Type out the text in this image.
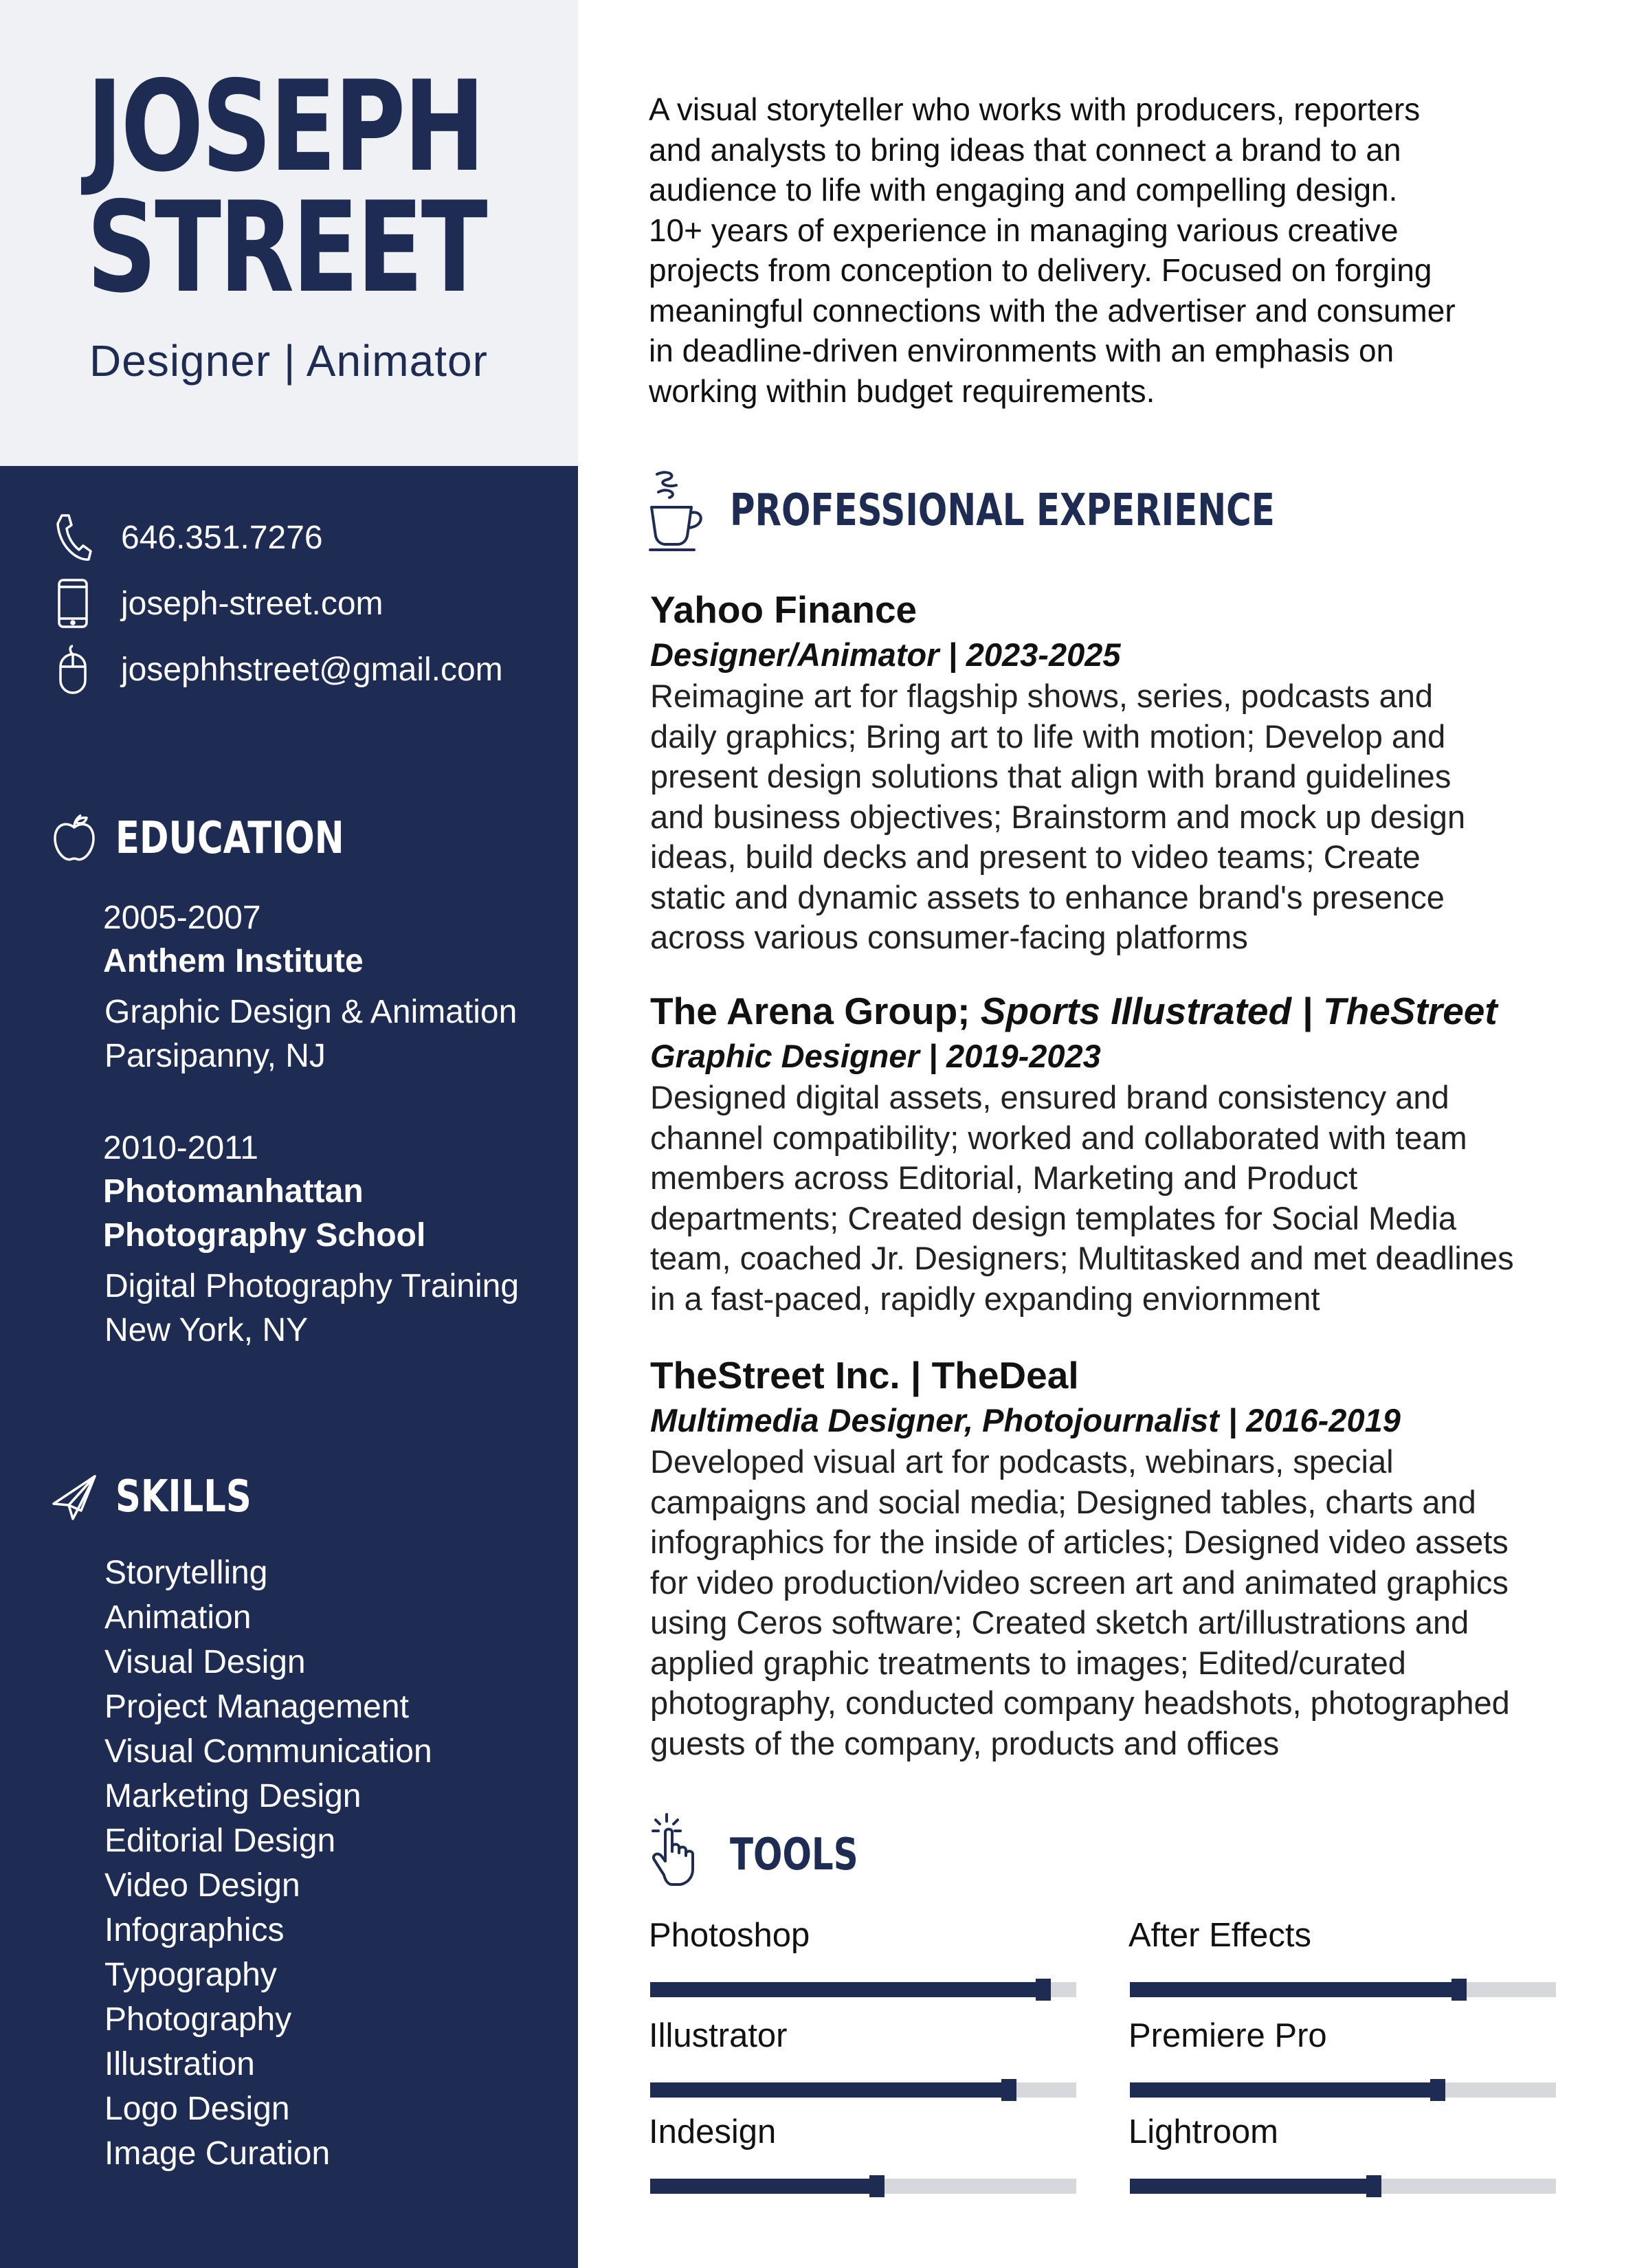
JOSEPH
STREET
Designer | Animator
646.351.7276
joseph-street.com
josephhstreet@gmail.com
EDUCATION
2005-2007
Anthem Institute
Graphic Design & Animation
Parsipanny, NJ
2010-2011
Photomanhattan
Photography School
Digital Photography Training
New York, NY
SKILLS
Storytelling
Animation
Visual Design
Project Management
Visual Communication
Marketing Design
Editorial Design
Video Design
Infographics
Typography
Photography
Illustration
Logo Design
Image Curation
A visual storyteller who works with producers, reporters
and analysts to bring ideas that connect a brand to an
audience to life with engaging and compelling design.
10+ years of experience in managing various creative
projects from conception to delivery. Focused on forging
meaningful connections with the advertiser and consumer
in deadline-driven environments with an emphasis on
working within budget requirements.
PROFESSIONAL EXPERIENCE
Yahoo Finance
Designer/Animator | 2023-2025
Reimagine art for flagship shows, series, podcasts and
daily graphics; Bring art to life with motion; Develop and
present design solutions that align with brand guidelines
and business objectives; Brainstorm and mock up design
ideas, build decks and present to video teams; Create
static and dynamic assets to enhance brand's presence
across various consumer-facing platforms
The Arena Group; Sports Illustrated | TheStreet
Graphic Designer | 2019-2023
Designed digital assets, ensured brand consistency and
channel compatibility; worked and collaborated with team
members across Editorial, Marketing and Product
departments; Created design templates for Social Media
team, coached Jr. Designers; Multitasked and met deadlines
in a fast-paced, rapidly expanding enviornment
TheStreet Inc. | TheDeal
Multimedia Designer, Photojournalist | 2016-2019
Developed visual art for podcasts, webinars, special
campaigns and social media; Designed tables, charts and
infographics for the inside of articles; Designed video assets
for video production/video screen art and animated graphics
using Ceros software; Created sketch art/illustrations and
applied graphic treatments to images; Edited/curated
photography, conducted company headshots, photographed
guests of the company, products and offices
TOOLS
Photoshop	After Effects
Illustrator	Premiere Pro
Indesign	Lightroom
